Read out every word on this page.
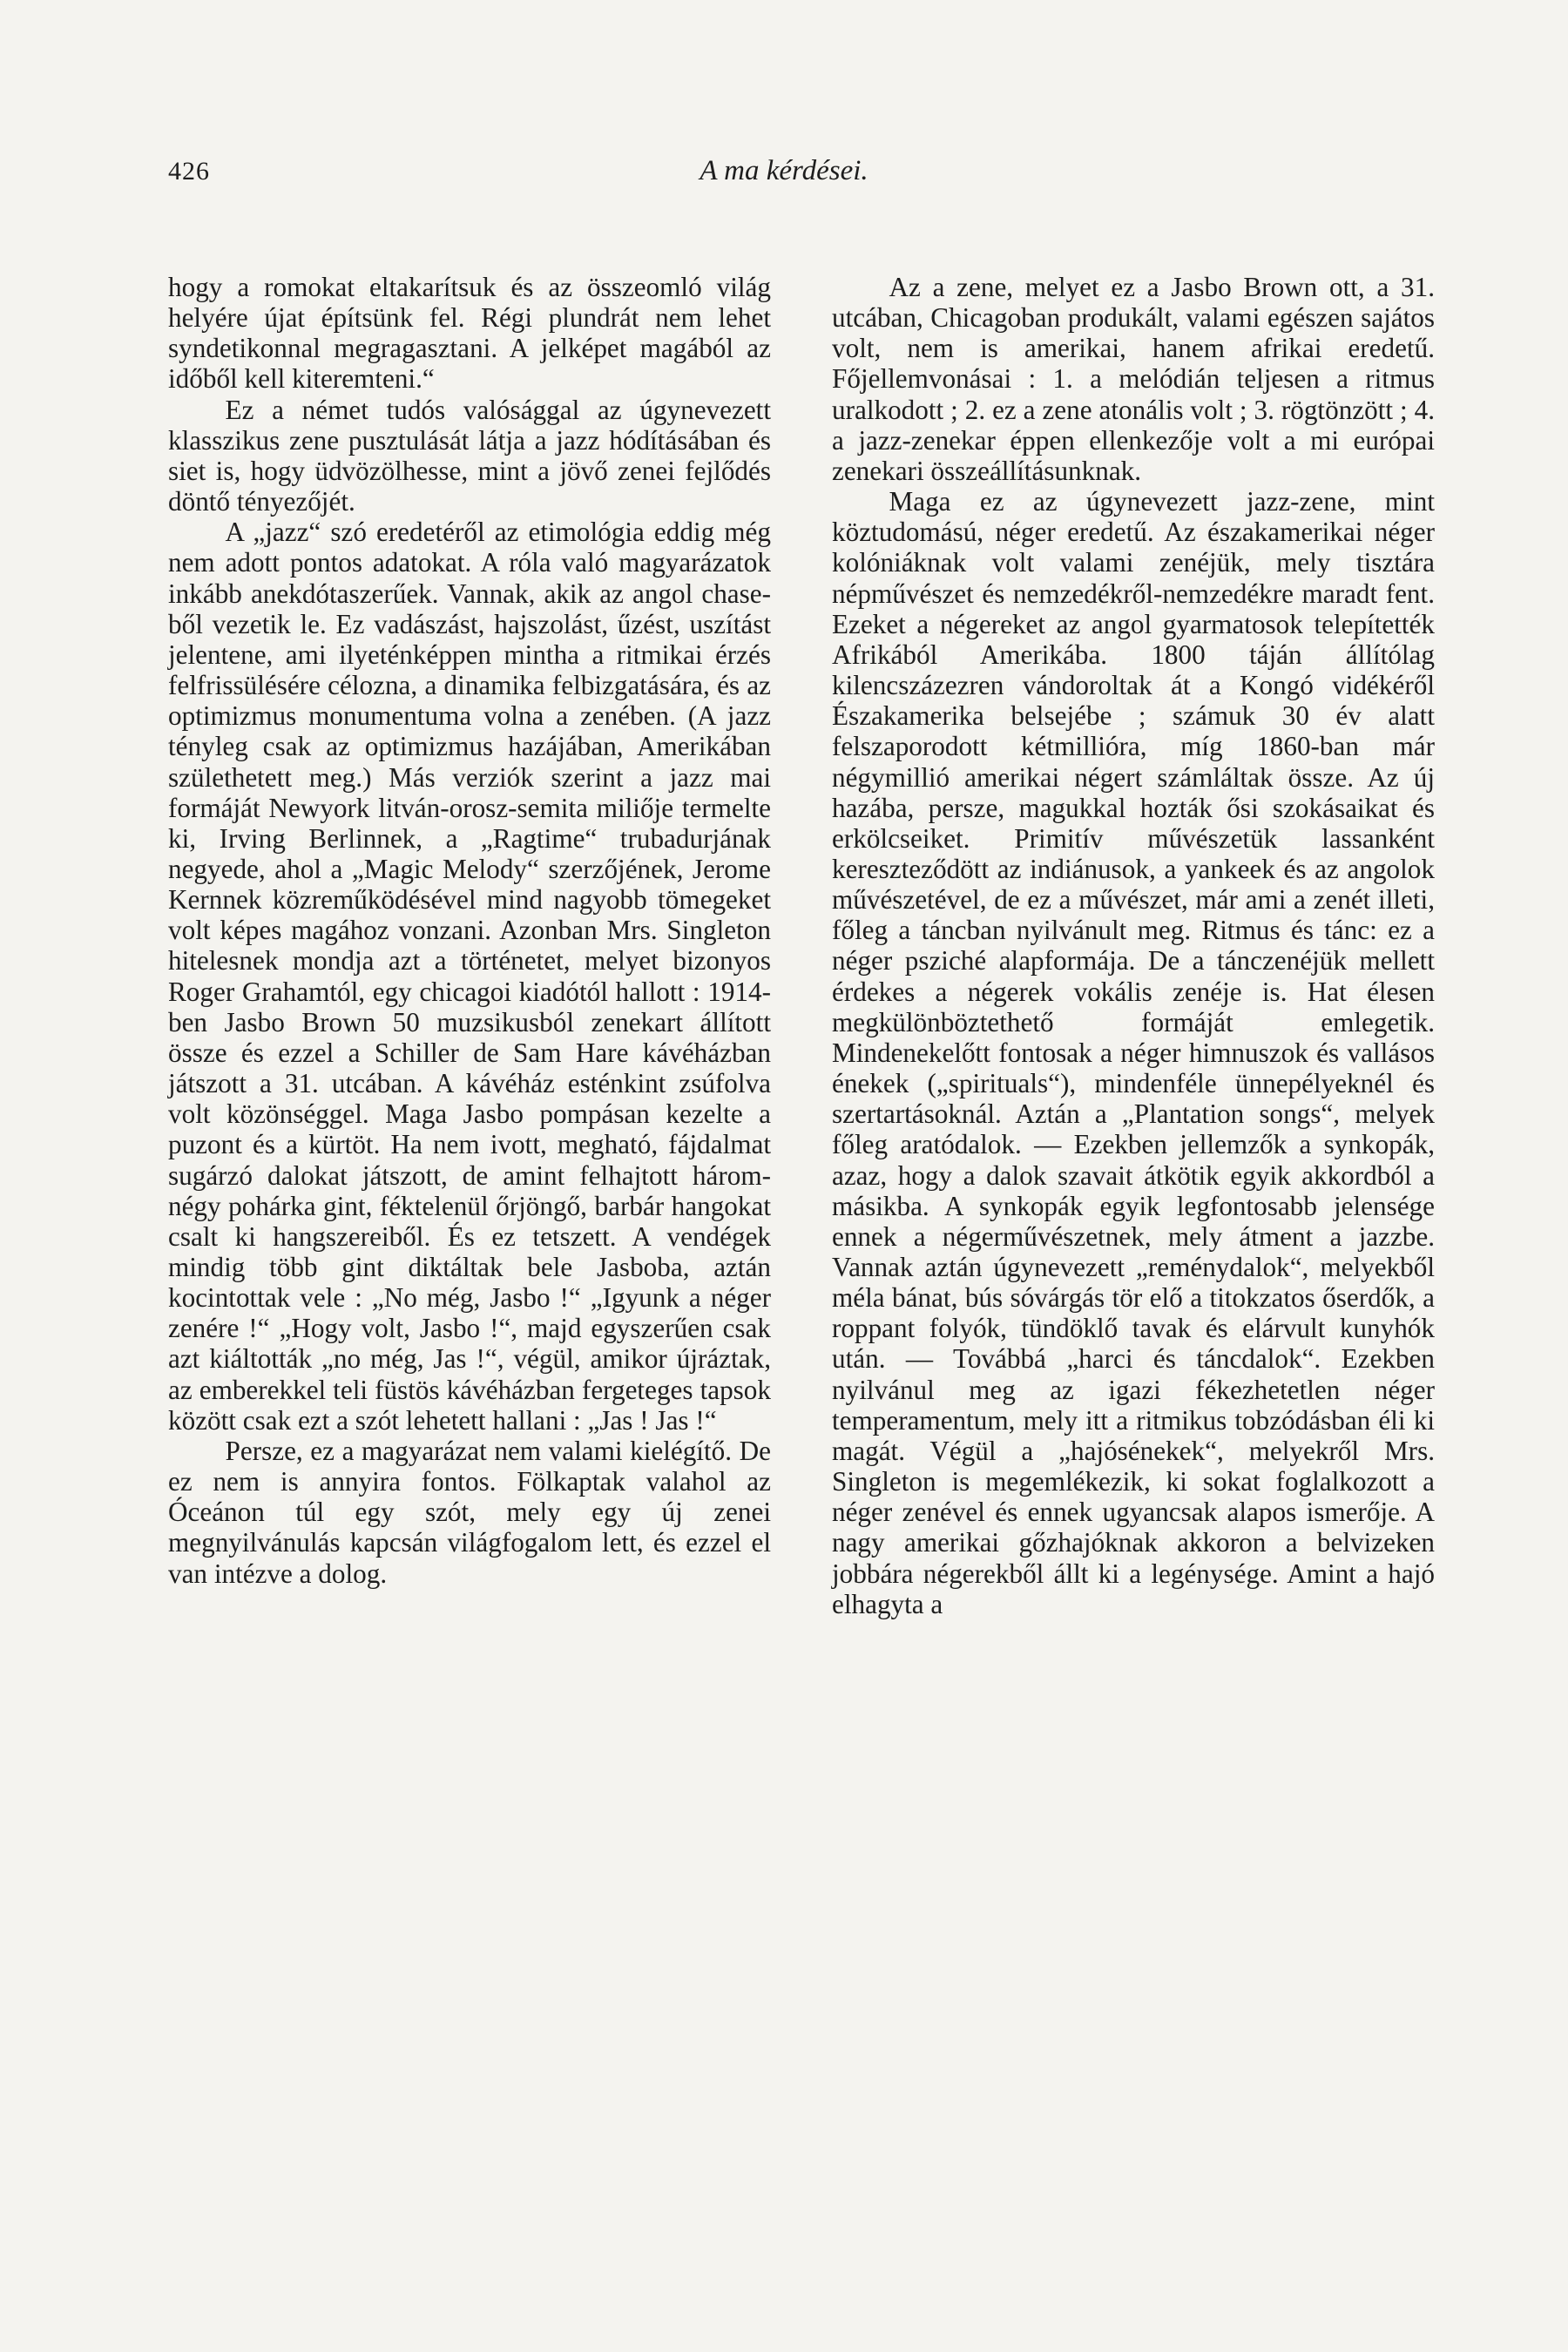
426	A ma kérdései.

hogy a romokat eltakarítsuk és az összeomló világ helyére újat építsünk fel. Régi plundrát nem lehet syndetikonnal megragasztani. A jelképet magából az időből kell kiteremteni.“

Ez a német tudós valósággal az úgynevezett klasszikus zene pusztulását látja a jazz hódításában és siet is, hogy üdvözölhesse, mint a jövő zenei fejlődés döntő tényezőjét.

A „jazz“ szó eredetéről az etimológia eddig még nem adott pontos adatokat. A róla való magyarázatok inkább anekdótaszerűek. Vannak, akik az angol chase-ből vezetik le. Ez vadászást, hajszolást, űzést, uszítást jelentene, ami ilyeténképpen mintha a ritmikai érzés felfrissülésére célozna, a dinamika felbizgatására, és az optimizmus monumentuma volna a zenében. (A jazz tényleg csak az optimizmus hazájában, Amerikában születhetett meg.) Más verziók szerint a jazz mai formáját Newyork litván-orosz-semita miliője termelte ki, Irving Berlinnek, a „Ragtime“ trubadurjának negyede, ahol a „Magic Melody“ szerzőjének, Jerome Kernnek közreműködésével mind nagyobb tömegeket volt képes magához vonzani. Azonban Mrs. Singleton hitelesnek mondja azt a történetet, melyet bizonyos Roger Grahamtól, egy chicagoi kiadótól hallott : 1914-ben Jasbo Brown 50 muzsikusból zenekart állított össze és ezzel a Schiller de Sam Hare kávéházban játszott a 31. utcában. A kávéház esténkint zsúfolva volt közönséggel. Maga Jasbo pompásan kezelte a puzont és a kürtöt. Ha nem ivott, megható, fájdalmat sugárzó dalokat játszott, de amint felhajtott három-négy pohárka gint, féktelenül őrjöngő, barbár hangokat csalt ki hangszereiből. És ez tetszett. A vendégek mindig több gint diktáltak bele Jasboba, aztán kocintottak vele : „No még, Jasbo !“ „Igyunk a néger zenére !“ „Hogy volt, Jasbo !“, majd egyszerűen csak azt kiáltották „no még, Jas !“, végül, amikor újráztak, az emberekkel teli füstös kávéházban fergeteges tapsok között csak ezt a szót lehetett hallani : „Jas ! Jas !“

Persze, ez a magyarázat nem valami kielégítő. De ez nem is annyira fontos. Fölkaptak valahol az Óceánon túl egy szót, mely egy új zenei megnyilvánulás kapcsán világfogalom lett, és ezzel el van intézve a dolog.

Az a zene, melyet ez a Jasbo Brown ott, a 31. utcában, Chicagoban produkált, valami egészen sajátos volt, nem is amerikai, hanem afrikai eredetű. Főjellemvonásai : 1. a melódián teljesen a ritmus uralkodott ; 2. ez a zene atonális volt ; 3. rögtönzött ; 4. a jazz-zenekar éppen ellenkezője volt a mi európai zenekari összeállításunknak.

Maga ez az úgynevezett jazz-zene, mint köztudomású, néger eredetű. Az északamerikai néger kolóniáknak volt valami zenéjük, mely tisztára népművészet és nemzedékről-nemzedékre maradt fent. Ezeket a négereket az angol gyarmatosok telepítették Afrikából Amerikába. 1800 táján állítólag kilencszázezren vándoroltak át a Kongó vidékéről Északamerika belsejébe ; számuk 30 év alatt felszaporodott kétmillióra, míg 1860-ban már négymillió amerikai négert számláltak össze. Az új hazába, persze, magukkal hozták ősi szokásaikat és erkölcseiket. Primitív művészetük lassanként kereszteződött az indiánusok, a yankeek és az angolok művészetével, de ez a művészet, már ami a zenét illeti, főleg a táncban nyilvánult meg. Ritmus és tánc: ez a néger psziché alapformája. De a tánczenéjük mellett érdekes a négerek vokális zenéje is. Hat élesen megkülönböztethető formáját emlegetik. Mindenekelőtt fontosak a néger himnuszok és vallásos énekek („spirituals“), mindenféle ünnepélyeknél és szertartásoknál. Aztán a „Plantation songs“, melyek főleg aratódalok. — Ezekben jellemzők a synkopák, azaz, hogy a dalok szavait átkötik egyik akkordból a másikba. A synkopák egyik legfontosabb jelensége ennek a négerművészetnek, mely átment a jazzbe. Vannak aztán úgynevezett „reménydalok“, melyekből méla bánat, bús sóvárgás tör elő a titokzatos őserdők, a roppant folyók, tündöklő tavak és elárvult kunyhók után. — Továbbá „harci és táncdalok“. Ezekben nyilvánul meg az igazi fékezhetetlen néger temperamentum, mely itt a ritmikus tobzódásban éli ki magát. Végül a „hajósénekek“, melyekről Mrs. Singleton is megemlékezik, ki sokat foglalkozott a néger zenével és ennek ugyancsak alapos ismerője. A nagy amerikai gőzhajóknak akkoron a belvizeken jobbára négerekből állt ki a legénysége. Amint a hajó elhagyta a
